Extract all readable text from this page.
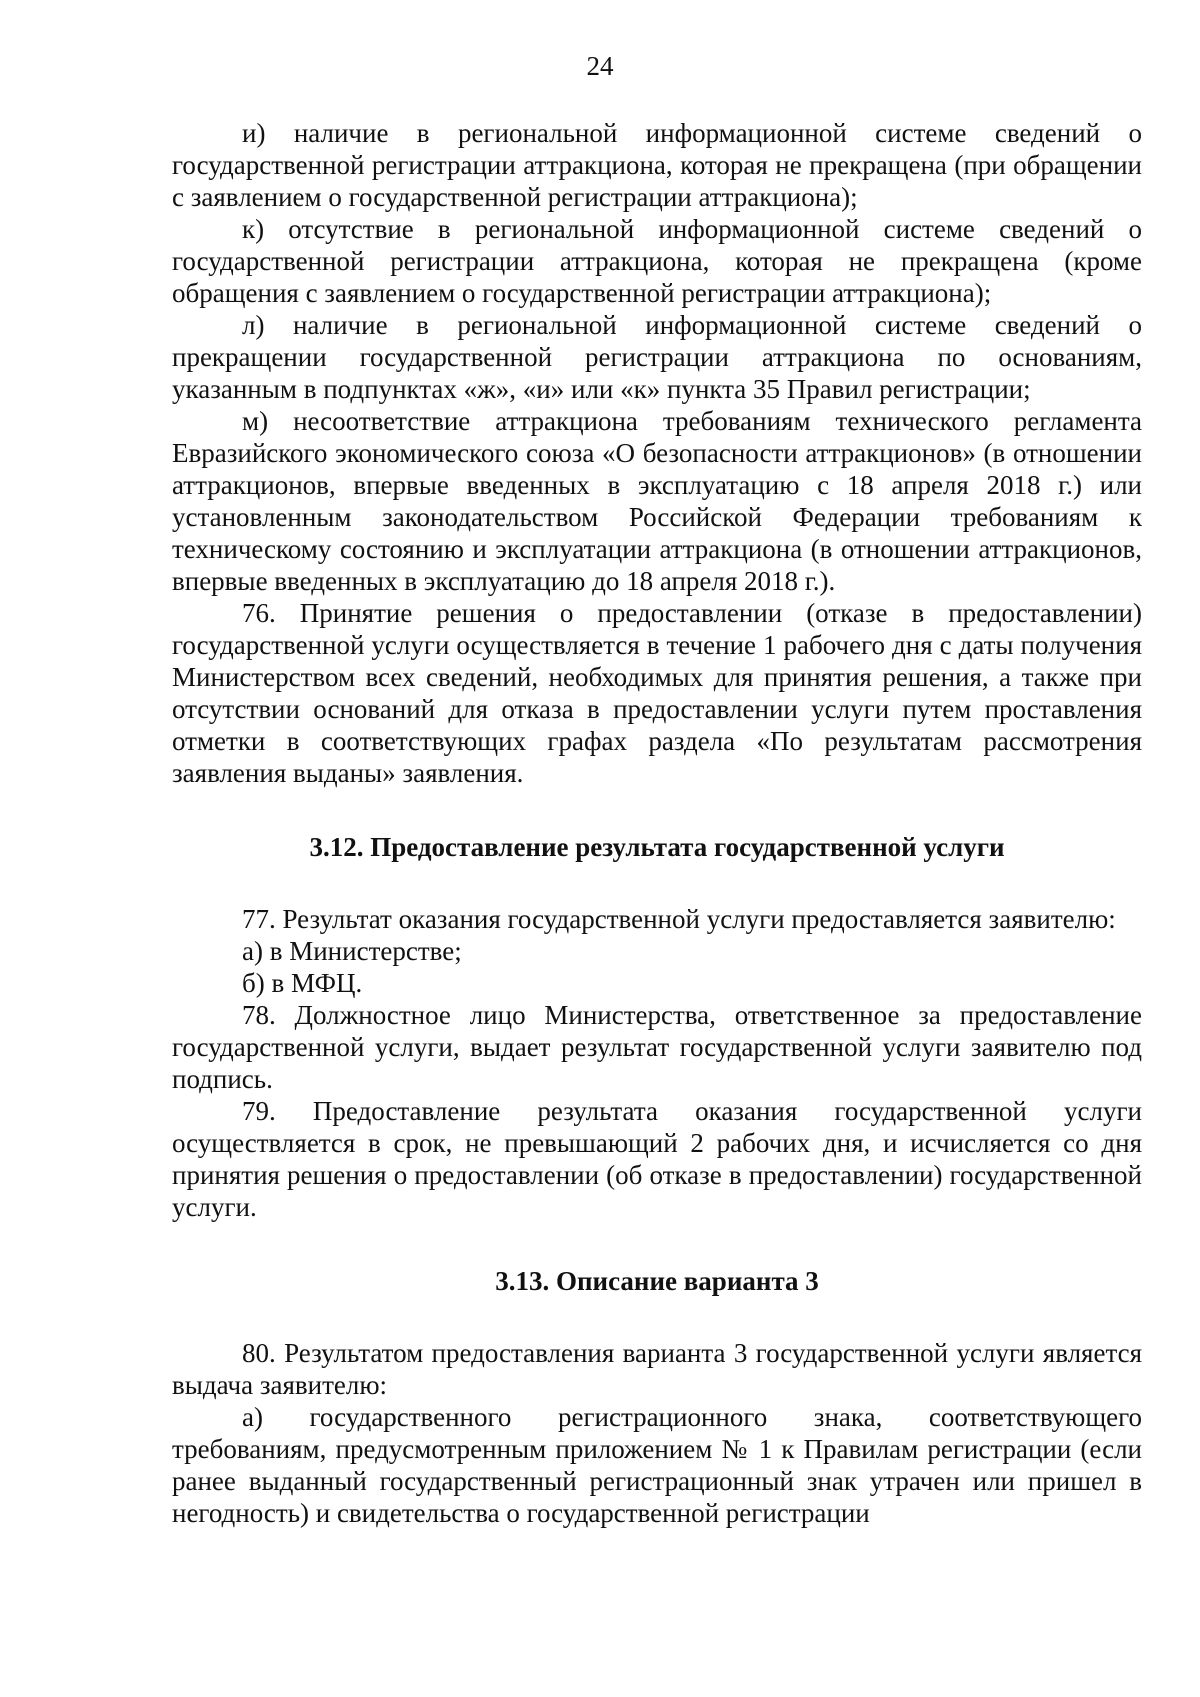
24

и) наличие в региональной информационной системе сведений о государственной регистрации аттракциона, которая не прекращена (при обращении с заявлением о государственной регистрации аттракциона);

к) отсутствие в региональной информационной системе сведений о государственной регистрации аттракциона, которая не прекращена (кроме обращения с заявлением о государственной регистрации аттракциона);

л) наличие в региональной информационной системе сведений о прекращении государственной регистрации аттракциона по основаниям, указанным в подпунктах «ж», «и» или «к» пункта 35 Правил регистрации;

м) несоответствие аттракциона требованиям технического регламента Евразийского экономического союза «О безопасности аттракционов» (в отношении аттракционов, впервые введенных в эксплуатацию с 18 апреля 2018 г.) или установленным законодательством Российской Федерации требованиям к техническому состоянию и эксплуатации аттракциона (в отношении аттракционов, впервые введенных в эксплуатацию до 18 апреля 2018 г.).

76. Принятие решения о предоставлении (отказе в предоставлении) государственной услуги осуществляется в течение 1 рабочего дня с даты получения Министерством всех сведений, необходимых для принятия решения, а также при отсутствии оснований для отказа в предоставлении услуги путем проставления отметки в соответствующих графах раздела «По результатам рассмотрения заявления выданы» заявления.

3.12. Предоставление результата государственной услуги

77. Результат оказания государственной услуги предоставляется заявителю:

а) в Министерстве;

б) в МФЦ.

78. Должностное лицо Министерства, ответственное за предоставление государственной услуги, выдает результат государственной услуги заявителю под подпись.

79. Предоставление результата оказания государственной услуги осуществляется в срок, не превышающий 2 рабочих дня, и исчисляется со дня принятия решения о предоставлении (об отказе в предоставлении) государственной услуги.

3.13. Описание варианта 3

80. Результатом предоставления варианта 3 государственной услуги является выдача заявителю:

а) государственного регистрационного знака, соответствующего требованиям, предусмотренным приложением № 1 к Правилам регистрации (если ранее выданный государственный регистрационный знак утрачен или пришел в негодность) и свидетельства о государственной регистрации
